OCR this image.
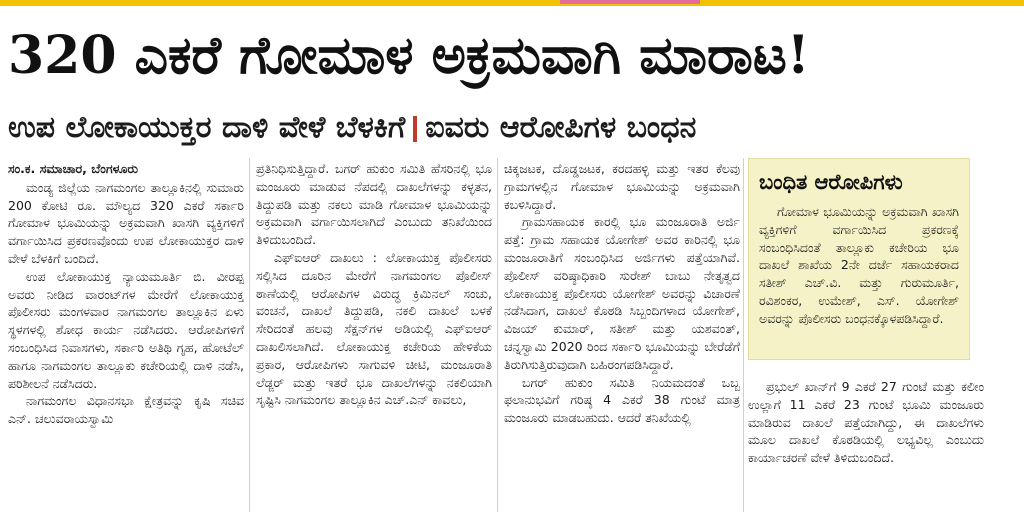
320 ಎಕರೆ ಗೋಮಾಳ ಅಕ್ರಮವಾಗಿ ಮಾರಾಟ!
ಉಪ ಲೋಕಾಯುಕ್ತರ ದಾಳಿ ವೇಳೆ ಬೆಳಕಿಗೆ ಐವರು ಆರೋಪಿಗಳ ಬಂಧನ
ಸಂ.ಕ. ಸಮಾಚಾರ, ಬೆಂಗಳೂರು

ಮಂಡ್ಯ ಜಿಲ್ಲೆಯ ನಾಗಮಂಗಲ ತಾಲ್ಲೂಕಿನಲ್ಲಿ ಸುಮಾರು 200 ಕೋಟಿ ರೂ. ಮೌಲ್ಯದ 320 ಎಕರೆ ಸರ್ಕಾರಿ ಗೋಮಾಳ ಭೂಮಿಯನ್ನು ಅಕ್ರಮವಾಗಿ ಖಾಸಗಿ ವ್ಯಕ್ತಿಗಳಿಗೆ ವರ್ಗಾಯಿಸಿದ ಪ್ರಕರಣವೊಂದು ಉಪ ಲೋಕಾಯುಕ್ತರ ದಾಳಿ ವೇಳೆ ಬೆಳಕಿಗೆ ಬಂದಿದೆ.

ಉಪ ಲೋಕಾಯುಕ್ತ ನ್ಯಾಯಮೂರ್ತಿ ಬಿ. ವೀರಪ್ಪ ಅವರು ನೀಡಿದ ವಾರಂಟ್‌ಗಳ ಮೇರೆಗೆ ಲೋಕಾಯುಕ್ತ ಪೊಲೀಸರು ಮಂಗಳವಾರ ನಾಗಮಂಗಲ ತಾಲ್ಲೂಕಿನ ಏಳು ಸ್ಥಳಗಳಲ್ಲಿ ಶೋಧ ಕಾರ್ಯ ನಡೆಸಿದರು. ಆರೋಪಿಗಳಿಗೆ ಸಂಬಂಧಿಸಿದ ನಿವಾಸಗಳು, ಸರ್ಕಾರಿ ಅತಿಥಿ ಗೃಹ, ಹೋಟೆಲ್ ಹಾಗೂ ನಾಗಮಂಗಲ ತಾಲ್ಲೂಕು ಕಚೇರಿಯಲ್ಲಿ ದಾಳಿ ನಡೆಸಿ, ಪರಿಶೀಲನೆ ನಡೆಸಿದರು.

ನಾಗಮಂಗಲ ವಿಧಾನಸಭಾ ಕ್ಷೇತ್ರವನ್ನು ಕೃಷಿ ಸಚಿವ ಎನ್. ಚಲುವರಾಯಸ್ವಾಮಿ

ಪ್ರತಿನಿಧಿಸುತ್ತಿದ್ದಾರೆ. ಬಗರ್ ಹುಕುಂ ಸಮಿತಿ ಹೆಸರಿನಲ್ಲಿ ಭೂ ಮಂಜೂರು ಮಾಡುವ ನೆಪದಲ್ಲಿ ದಾಖಲೆಗಳನ್ನು ಕಳ್ಳತನ, ತಿದ್ದುಪಡಿ ಮತ್ತು ನಕಲು ಮಾಡಿ ಗೋಮಾಳ ಭೂಮಿಯನ್ನು ಅಕ್ರಮವಾಗಿ ವರ್ಗಾಯಿಸಲಾಗಿದೆ ಎಂಬುದು ತನಿಖೆಯಿಂದ ತಿಳಿದುಬಂದಿದೆ.

ಎಫ್‌ಐಆರ್ ದಾಖಲು : ಲೋಕಾಯುಕ್ತ ಪೊಲೀಸರು ಸಲ್ಲಿಸಿದ ದೂರಿನ ಮೇರೆಗೆ ನಾಗಮಂಗಲ ಪೊಲೀಸ್ ಠಾಣೆಯಲ್ಲಿ ಆರೋಪಿಗಳ ವಿರುದ್ಧ ಕ್ರಿಮಿನಲ್ ಸಂಚು, ವಂಚನೆ, ದಾಖಲೆ ತಿದ್ದುಪಡಿ, ನಕಲಿ ದಾಖಲೆ ಬಳಕೆ ಸೇರಿದಂತೆ ಹಲವು ಸೆಕ್ಷನ್‌ಗಳ ಅಡಿಯಲ್ಲಿ ಎಫ್‌ಐಆರ್ ದಾಖಲಿಸಲಾಗಿದೆ. ಲೋಕಾಯುಕ್ತ ಕಚೇರಿಯ ಹೇಳಿಕೆಯ ಪ್ರಕಾರ, ಆರೋಪಿಗಳು ಸಾಗುವಳಿ ಚೀಟಿ, ಮಂಜೂರಾತಿ ಲೆಡ್ಜರ್ ಮತ್ತು ಇತರೆ ಭೂ ದಾಖಲೆಗಳನ್ನು ನಕಲಿಯಾಗಿ ಸೃಷ್ಟಿಸಿ ನಾಗಮಂಗಲ ತಾಲ್ಲೂಕಿನ ಎಚ್.ಎನ್ ಕಾವಲು,

ಚಿಕ್ಕಜಟಕ, ದೊಡ್ಡಜಟಕ, ಕರದಹಳ್ಳಿ ಮತ್ತು ಇತರ ಕೆಲವು ಗ್ರಾಮಗಳಲ್ಲಿನ ಗೋಮಾಳ ಭೂಮಿಯನ್ನು ಅಕ್ರಮವಾಗಿ ಕಬಳಿಸಿದ್ದಾರೆ.

ಗ್ರಾಮಸಹಾಯಕ ಕಾರಲ್ಲಿ ಭೂ ಮಂಜೂರಾತಿ ಅರ್ಜಿ ಪತ್ತೆ: ಗ್ರಾಮ ಸಹಾಯಕ ಯೋಗೇಶ್ ಅವರ ಕಾರಿನಲ್ಲಿ ಭೂ ಮಂಜೂರಾತಿಗೆ ಸಂಬಂಧಿಸಿದ ಅರ್ಜಿಗಳು ಪತ್ತೆಯಾಗಿವೆ. ಪೊಲೀಸ್ ವರಿಷ್ಠಾಧಿಕಾರಿ ಸುರೇಶ್ ಬಾಬು ನೇತೃತ್ವದ ಲೋಕಾಯುಕ್ತ ಪೊಲೀಸರು ಯೋಗೇಶ್ ಅವರನ್ನು ವಿಚಾರಣೆ ನಡೆಸಿದಾಗ, ದಾಖಲೆ ಕೊಠಡಿ ಸಿಬ್ಬಂದಿಗಳಾದ ಯೋಗೇಶ್, ವಿಜಯ್ ಕುಮಾರ್, ಸತೀಶ್ ಮತ್ತು ಯಶವಂತ್, ಚನ್ನಸ್ವಾಮಿ 2020 ರಿಂದ ಸರ್ಕಾರಿ ಭೂಮಿಯನ್ನು ಬೇರೆಡೆಗೆ ತಿರುಗಿಸುತ್ತಿರುವುದಾಗಿ ಬಹಿರಂಗಪಡಿಸಿದ್ದಾರೆ.

ಬಗರ್ ಹುಕುಂ ಸಮಿತಿ ನಿಯಮದಂತೆ ಒಬ್ಬ ಫಲಾನುಭವಿಗೆ ಗರಿಷ್ಠ 4 ಎಕರೆ 38 ಗುಂಟೆ ಮಾತ್ರ ಮಂಜೂರು ಮಾಡಬಹುದು. ಆದರೆ ತನಿಖೆಯಲ್ಲಿ

ಬಂಧಿತ ಆರೋಪಿಗಳು

ಗೋಮಾಳ ಭೂಮಿಯನ್ನು ಅಕ್ರಮವಾಗಿ ಖಾಸಗಿ ವ್ಯಕ್ತಿಗಳಿಗೆ ವರ್ಗಾಯಿಸಿದ ಪ್ರಕರಣಕ್ಕೆ ಸಂಬಂಧಿಸಿದಂತೆ ತಾಲ್ಲೂಕು ಕಚೇರಿಯ ಭೂ ದಾಖಲೆ ಶಾಖೆಯ 2ನೇ ದರ್ಜೆ ಸಹಾಯಕರಾದ ಸತೀಶ್ ಎಚ್.ವಿ. ಮತ್ತು ಗುರುಮೂರ್ತಿ, ರವಿಶಂಕರ, ಉಮೇಶ್, ಎಸ್. ಯೋಗೇಶ್ ಅವರನ್ನು ಪೊಲೀಸರು ಬಂಧನಕ್ಕೊಳಪಡಿಸಿದ್ದಾರೆ.

ಪ್ರಭುಲ್ ಖಾನ್‌ಗೆ 9 ಎಕರೆ 27 ಗುಂಟೆ ಮತ್ತು ಕಲೀಂ ಉಲ್ಲಾಗೆ 11 ಎಕರೆ 23 ಗುಂಟೆ ಭೂಮಿ ಮಂಜೂರು ಮಾಡಿರುವ ದಾಖಲೆ ಪತ್ತೆಯಾಗಿದ್ದು, ಈ ದಾಖಲೆಗಳು ಮೂಲ ದಾಖಲೆ ಕೊಠಡಿಯಲ್ಲಿ ಲಭ್ಯವಿಲ್ಲ ಎಂಬುದು ಕಾರ್ಯಾಚರಣೆ ವೇಳೆ ತಿಳಿದುಬಂದಿದೆ.
